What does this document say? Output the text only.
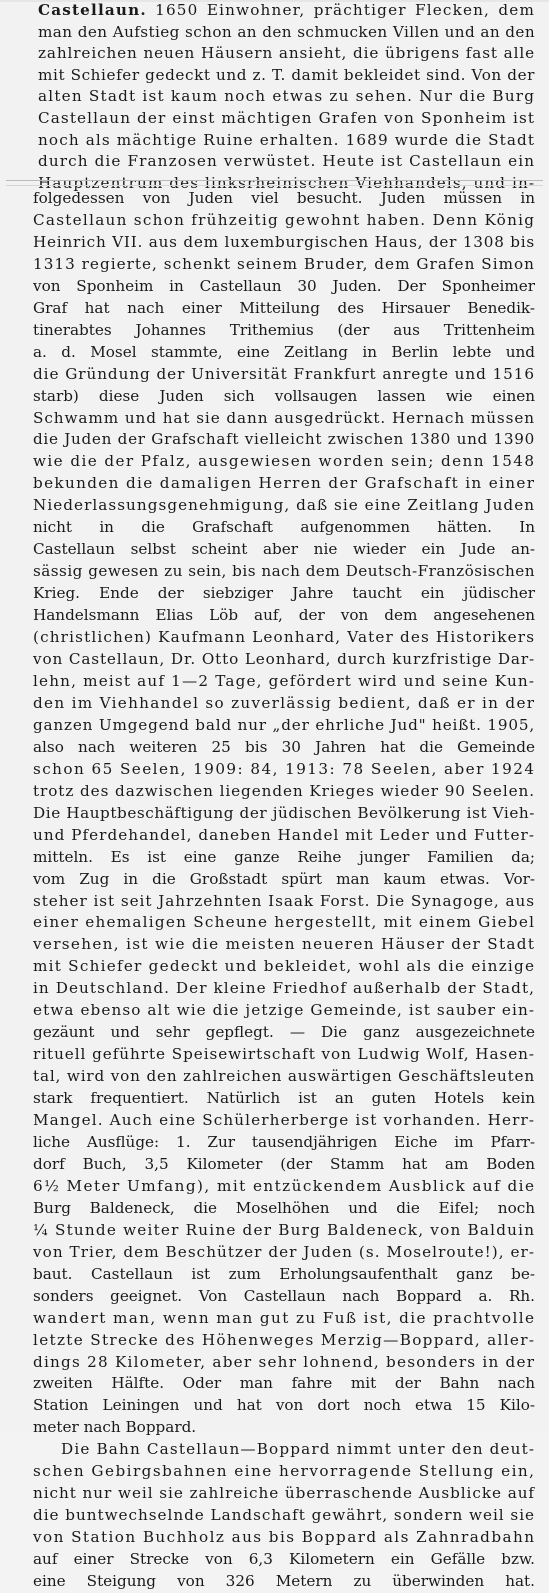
Castellaun. 1650 Einwohner, prächtiger Flecken, dem
man den Aufstieg schon an den schmucken Villen und an den
zahlreichen neuen Häusern ansieht, die übrigens fast alle
mit Schiefer gedeckt und z. T. damit bekleidet sind. Von der
alten Stadt ist kaum noch etwas zu sehen. Nur die Burg
Castellaun der einst mächtigen Grafen von Sponheim ist
noch als mächtige Ruine erhalten. 1689 wurde die Stadt
durch die Franzosen verwüstet. Heute ist Castellaun ein
Hauptzentrum des linksrheinischen Viehhandels, und in-
folgedessen von Juden viel besucht. Juden müssen in
Castellaun schon frühzeitig gewohnt haben. Denn König
Heinrich VII. aus dem luxemburgischen Haus, der 1308 bis
1313 regierte, schenkt seinem Bruder, dem Grafen Simon
von Sponheim in Castellaun 30 Juden. Der Sponheimer
Graf hat nach einer Mitteilung des Hirsauer Benedik-
tinerabtes Johannes Trithemius (der aus Trittenheim
a. d. Mosel stammte, eine Zeitlang in Berlin lebte und
die Gründung der Universität Frankfurt anregte und 1516
starb) diese Juden sich vollsaugen lassen wie einen
Schwamm und hat sie dann ausgedrückt. Hernach müssen
die Juden der Grafschaft vielleicht zwischen 1380 und 1390
wie die der Pfalz, ausgewiesen worden sein; denn 1548
bekunden die damaligen Herren der Grafschaft in einer
Niederlassungsgenehmigung, daß sie eine Zeitlang Juden
nicht in die Grafschaft aufgenommen hätten. In
Castellaun selbst scheint aber nie wieder ein Jude an-
sässig gewesen zu sein, bis nach dem Deutsch-Französischen
Krieg. Ende der siebziger Jahre taucht ein jüdischer
Handelsmann Elias Löb auf, der von dem angesehenen
(christlichen) Kaufmann Leonhard, Vater des Historikers
von Castellaun, Dr. Otto Leonhard, durch kurzfristige Dar-
lehn, meist auf 1—2 Tage, gefördert wird und seine Kun-
den im Viehhandel so zuverlässig bedient, daß er in der
ganzen Umgegend bald nur „der ehrliche Jud" heißt. 1905,
also nach weiteren 25 bis 30 Jahren hat die Gemeinde
schon 65 Seelen, 1909: 84, 1913: 78 Seelen, aber 1924
trotz des dazwischen liegenden Krieges wieder 90 Seelen.
Die Hauptbeschäftigung der jüdischen Bevölkerung ist Vieh-
und Pferdehandel, daneben Handel mit Leder und Futter-
mitteln. Es ist eine ganze Reihe junger Familien da;
vom Zug in die Großstadt spürt man kaum etwas. Vor-
steher ist seit Jahrzehnten Isaak Forst. Die Synagoge, aus
einer ehemaligen Scheune hergestellt, mit einem Giebel
versehen, ist wie die meisten neueren Häuser der Stadt
mit Schiefer gedeckt und bekleidet, wohl als die einzige
in Deutschland. Der kleine Friedhof außerhalb der Stadt,
etwa ebenso alt wie die jetzige Gemeinde, ist sauber ein-
gezäunt und sehr gepflegt. — Die ganz ausgezeichnete
rituell geführte Speisewirtschaft von Ludwig Wolf, Hasen-
tal, wird von den zahlreichen auswärtigen Geschäftsleuten
stark frequentiert. Natürlich ist an guten Hotels kein
Mangel. Auch eine Schülerherberge ist vorhanden. Herr-
liche Ausflüge: 1. Zur tausendjährigen Eiche im Pfarr-
dorf Buch, 3,5 Kilometer (der Stamm hat am Boden
6½ Meter Umfang), mit entzückendem Ausblick auf die
Burg Baldeneck, die Moselhöhen und die Eifel; noch
¼ Stunde weiter Ruine der Burg Baldeneck, von Balduin
von Trier, dem Beschützer der Juden (s. Moselroute!), er-
baut. Castellaun ist zum Erholungsaufenthalt ganz be-
sonders geeignet. Von Castellaun nach Boppard a. Rh.
wandert man, wenn man gut zu Fuß ist, die prachtvolle
letzte Strecke des Höhenweges Merzig—Boppard, aller-
dings 28 Kilometer, aber sehr lohnend, besonders in der
zweiten Hälfte. Oder man fahre mit der Bahn nach
Station Leiningen und hat von dort noch etwa 15 Kilo-
meter nach Boppard.
Die Bahn Castellaun—Boppard nimmt unter den deut-
schen Gebirgsbahnen eine hervorragende Stellung ein,
nicht nur weil sie zahlreiche überraschende Ausblicke auf
die buntwechselnde Landschaft gewährt, sondern weil sie
von Station Buchholz aus bis Boppard als Zahnradbahn
auf einer Strecke von 6,3 Kilometern ein Gefälle bzw.
eine Steigung von 326 Metern zu überwinden hat.
